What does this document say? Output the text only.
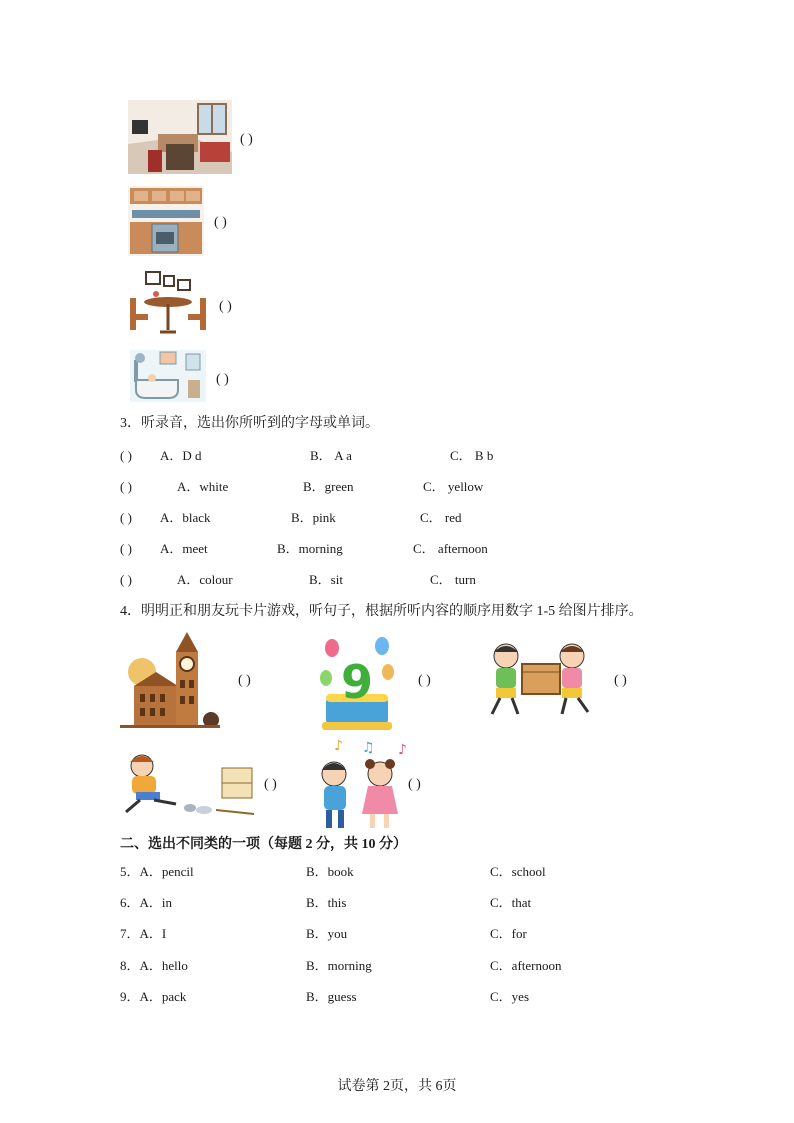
( )
( )
( )
( )
3．听录音，选出你所听到的字母或单词。
( ) A．D d	B． A a	C． B b
( )	A．white	B．green	C． yellow
( ) A．black	B．pink	C． red
( ) A．meet	B．morning	C． afternoon
( )	A．colour	B．sit	C． turn
4．明明正和朋友玩卡片游戏，听句子，根据所听内容的顺序用数字 1-5 给图片排序。
( ) 9	( )	( )
( )
♪ ♫ ♪
( )
二、选出不同类的一项（每题 2 分，共 10 分）
5．A．pencil	B．book	C．school
6．A．in	B．this	C．that
7．A．I	B．you	C．for
8．A．hello	B．morning	C．afternoon
9．A．pack	B．guess	C．yes
试卷第 2页，共 6页
